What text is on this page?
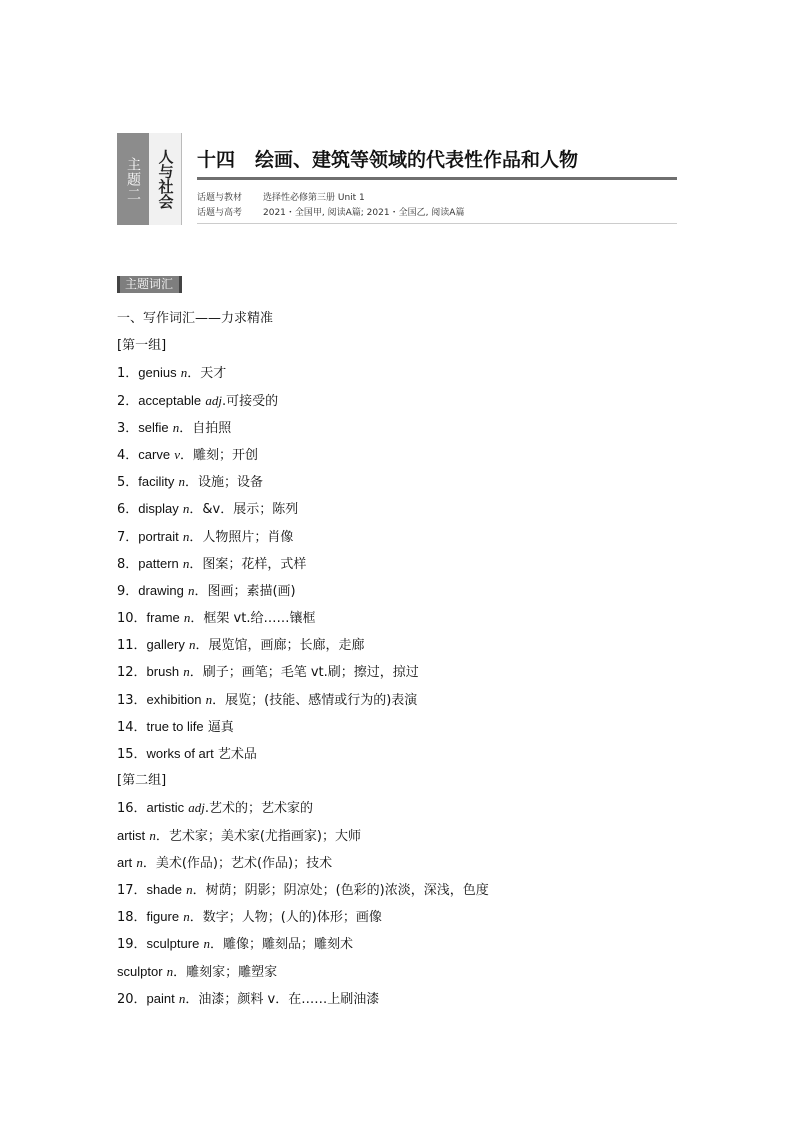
主题二 人与社会 十四 绘画、建筑等领域的代表性作品和人物
话题与教材 选择性必修第三册 Unit 1
话题与高考 2021・全国甲, 阅读A篇; 2021・全国乙, 阅读A篇
主题词汇
一、写作词汇——力求精准
[第一组]
1．genius n．天才
2．acceptable adj.可接受的
3．selfie n．自拍照
4．carve v．雕刻；开创
5．facility n．设施；设备
6．display n．&v．展示；陈列
7．portrait n．人物照片；肖像
8．pattern n．图案；花样，式样
9．drawing n．图画；素描(画)
10．frame n．框架 vt.给……镶框
11．gallery n．展览馆，画廊；长廊，走廊
12．brush n．刷子；画笔；毛笔 vt.刷；擦过，掠过
13．exhibition n．展览；(技能、感情或行为的)表演
14．true to life 逼真
15．works of art 艺术品
[第二组]
16．artistic adj.艺术的；艺术家的
artist n．艺术家；美术家(尤指画家)；大师
art n．美术(作品)；艺术(作品)；技术
17．shade n．树荫；阴影；阴凉处；(色彩的)浓淡，深浅，色度
18．figure n．数字；人物；(人的)体形；画像
19．sculpture n．雕像；雕刻品；雕刻术
sculptor n．雕刻家；雕塑家
20．paint n．油漆；颜料 v．在……上刷油漆
